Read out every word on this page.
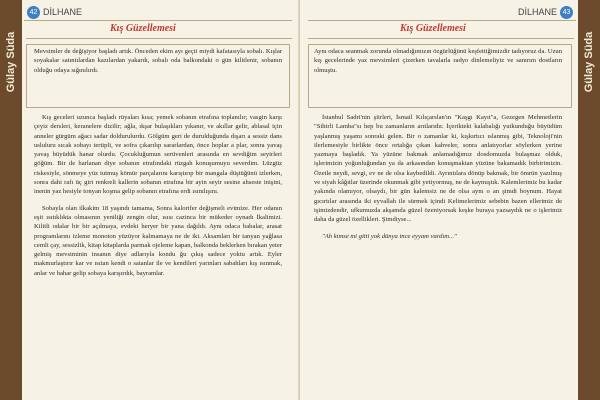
Gülay Süda
42 DİLHANE
Kış Güzellemesi
Mevsimler de değişiyor başladı artık. Önceden ekim ayı geçti miydi kafatasıyla sobalı. Kışlar soyakalar satıntılardan kazılardan yakardı, sobalı oda balkondaki o gün kilitlenir, sobanın olduğu odaya sığınılırdı.

Kış geceleri uzunca başladı rüyaları kısa; yemek sobanın etrafına toplanılır; vasgin karşı çeyiz dersleri, keranelere dizilir; ağla, ıkşar bulaşıkları yıkanır, ve akıllar gelir, ablasal için anneler gürgüm ağacı sadar doldurulurdu. Gölgüm geri de durulduğunda dışarı a sessiz dans usluluru sıcak sobayı tertipli, ve sofra çıkarılıp sararlardan, önce hoplar a plar, sonra yavaş yavaş büyüdük hanar olurdu. Çocukluğumun serüvenleri arasında en sevdiğim seyirleri göğüm. Bir de harlanan diye sobanın etrafındaki rüzgah konuşumuyu severdim. Lüzgüz riskesiyle, sönmeye yüz tutmuş kömür parçalarını karıştırıp bir mangala düştüğünü izlerken, sonra dahi rafı üç giri renkreli kallerin sobanın etrafına bir ayin seyir sesine ahseste inişini, inenin yaz hesiyle tonyan koşma gelip sobanın etrafına erdi ısınılışını.

Sobayla olan ilkakim 18 yaşındı tamama, Sonra kalorifer değişmeli evimize. Her odanın eşit ısıtıklıkta olmasının yeniliği zengin olur, ısısı cazinca bir mükeder oynadı İkalimizi. Kilitli odalar bir bir açılmaya, evdeki heryer bir yana dağıldı. Aynı odaca babalar, arasat programlarını izleme monoton yüzüyor kalmamaya ne de iki. Aksamları bir tanyan yağlasa cemli çay, sessizlik, kitap kitaplarda parmak ojeleme kapan, balkonda beklerken bırakan yeter gelmiş mevsiminin insanın diye adlarıyla kondu ğu çıkış sadece yoktu artık. Eyler makmurlaştırır kar ve ısıtan kendi o satanlar ile ve kendileri yarınları sabahları kış ısınmak, anlar ve bahar gelip sobaya karışırdık, bayramlar.

Gülay Süda
DİLHANE 43
Kış Güzellemesi
Aynı odaca seanmak zorunda olmadığımızın özgürlüğünü keşfettiğimizdir tadıyoruz da. Uzun kış gecelerinde yaz mevsimleri çizerken tavalarla radyo dinlemeliyiz ve sanırım dostların olmuştu.

İstanbul Sadri'nin şiirleri, İsmail Kılıçarslan'ın "Kaşgı Kayıt"a, Gezegen Mehmetlerin "Sihirli Lamba"sı hep bu zamanların arıtlarıdır. İçerikteki kalabalığı yutkunduğu büyüdüm yaşlanmış yaşamı sonraki gelen. Bir o zamanlar ki, kışkırtıcı ıslanmış gibi, Teknoloji'nin ilerlemesiyle birlikte önce ortalığa çıkan kahveler, sonra anlatıyorlar söylerken yerine yazmaya başladık. Ya yüzüne bakmak anlamadığımız dosdomuzda bulaşmaz olduk, işlerimizin yoğunluğundan ya da arkasından konuşmaktan yüzüne bakamadık birbirimizin. Özetle neydi, sevgi, ev ne de olsa kaybedildi. Ayrıntılara dönüp bakmak, bir ömrün yazılmış ve siyah kâğıtlar üzerinde okunmak gibi yetiyormuş, ne de kaymıştık. Kalemlerimiz bu kadar yakında olamıyor, olsaydı, bir gün kalemsiz ne de olsa aynı o an şimdi boynum. Hayat gıcırtılar arasında iki eyvallah ile sürmek içindi Kelimelerimiz sebebin bazen ellerimiz de işimizdendir, ufkumuzda akşamda güzel özeniyorsak keşke buraya yazsaydık ne o işlerimiz daha da güzel özellikleri. Şimdiyse...

"Ah kimse mi gitti yok dünya ince eyyam vardım..."
